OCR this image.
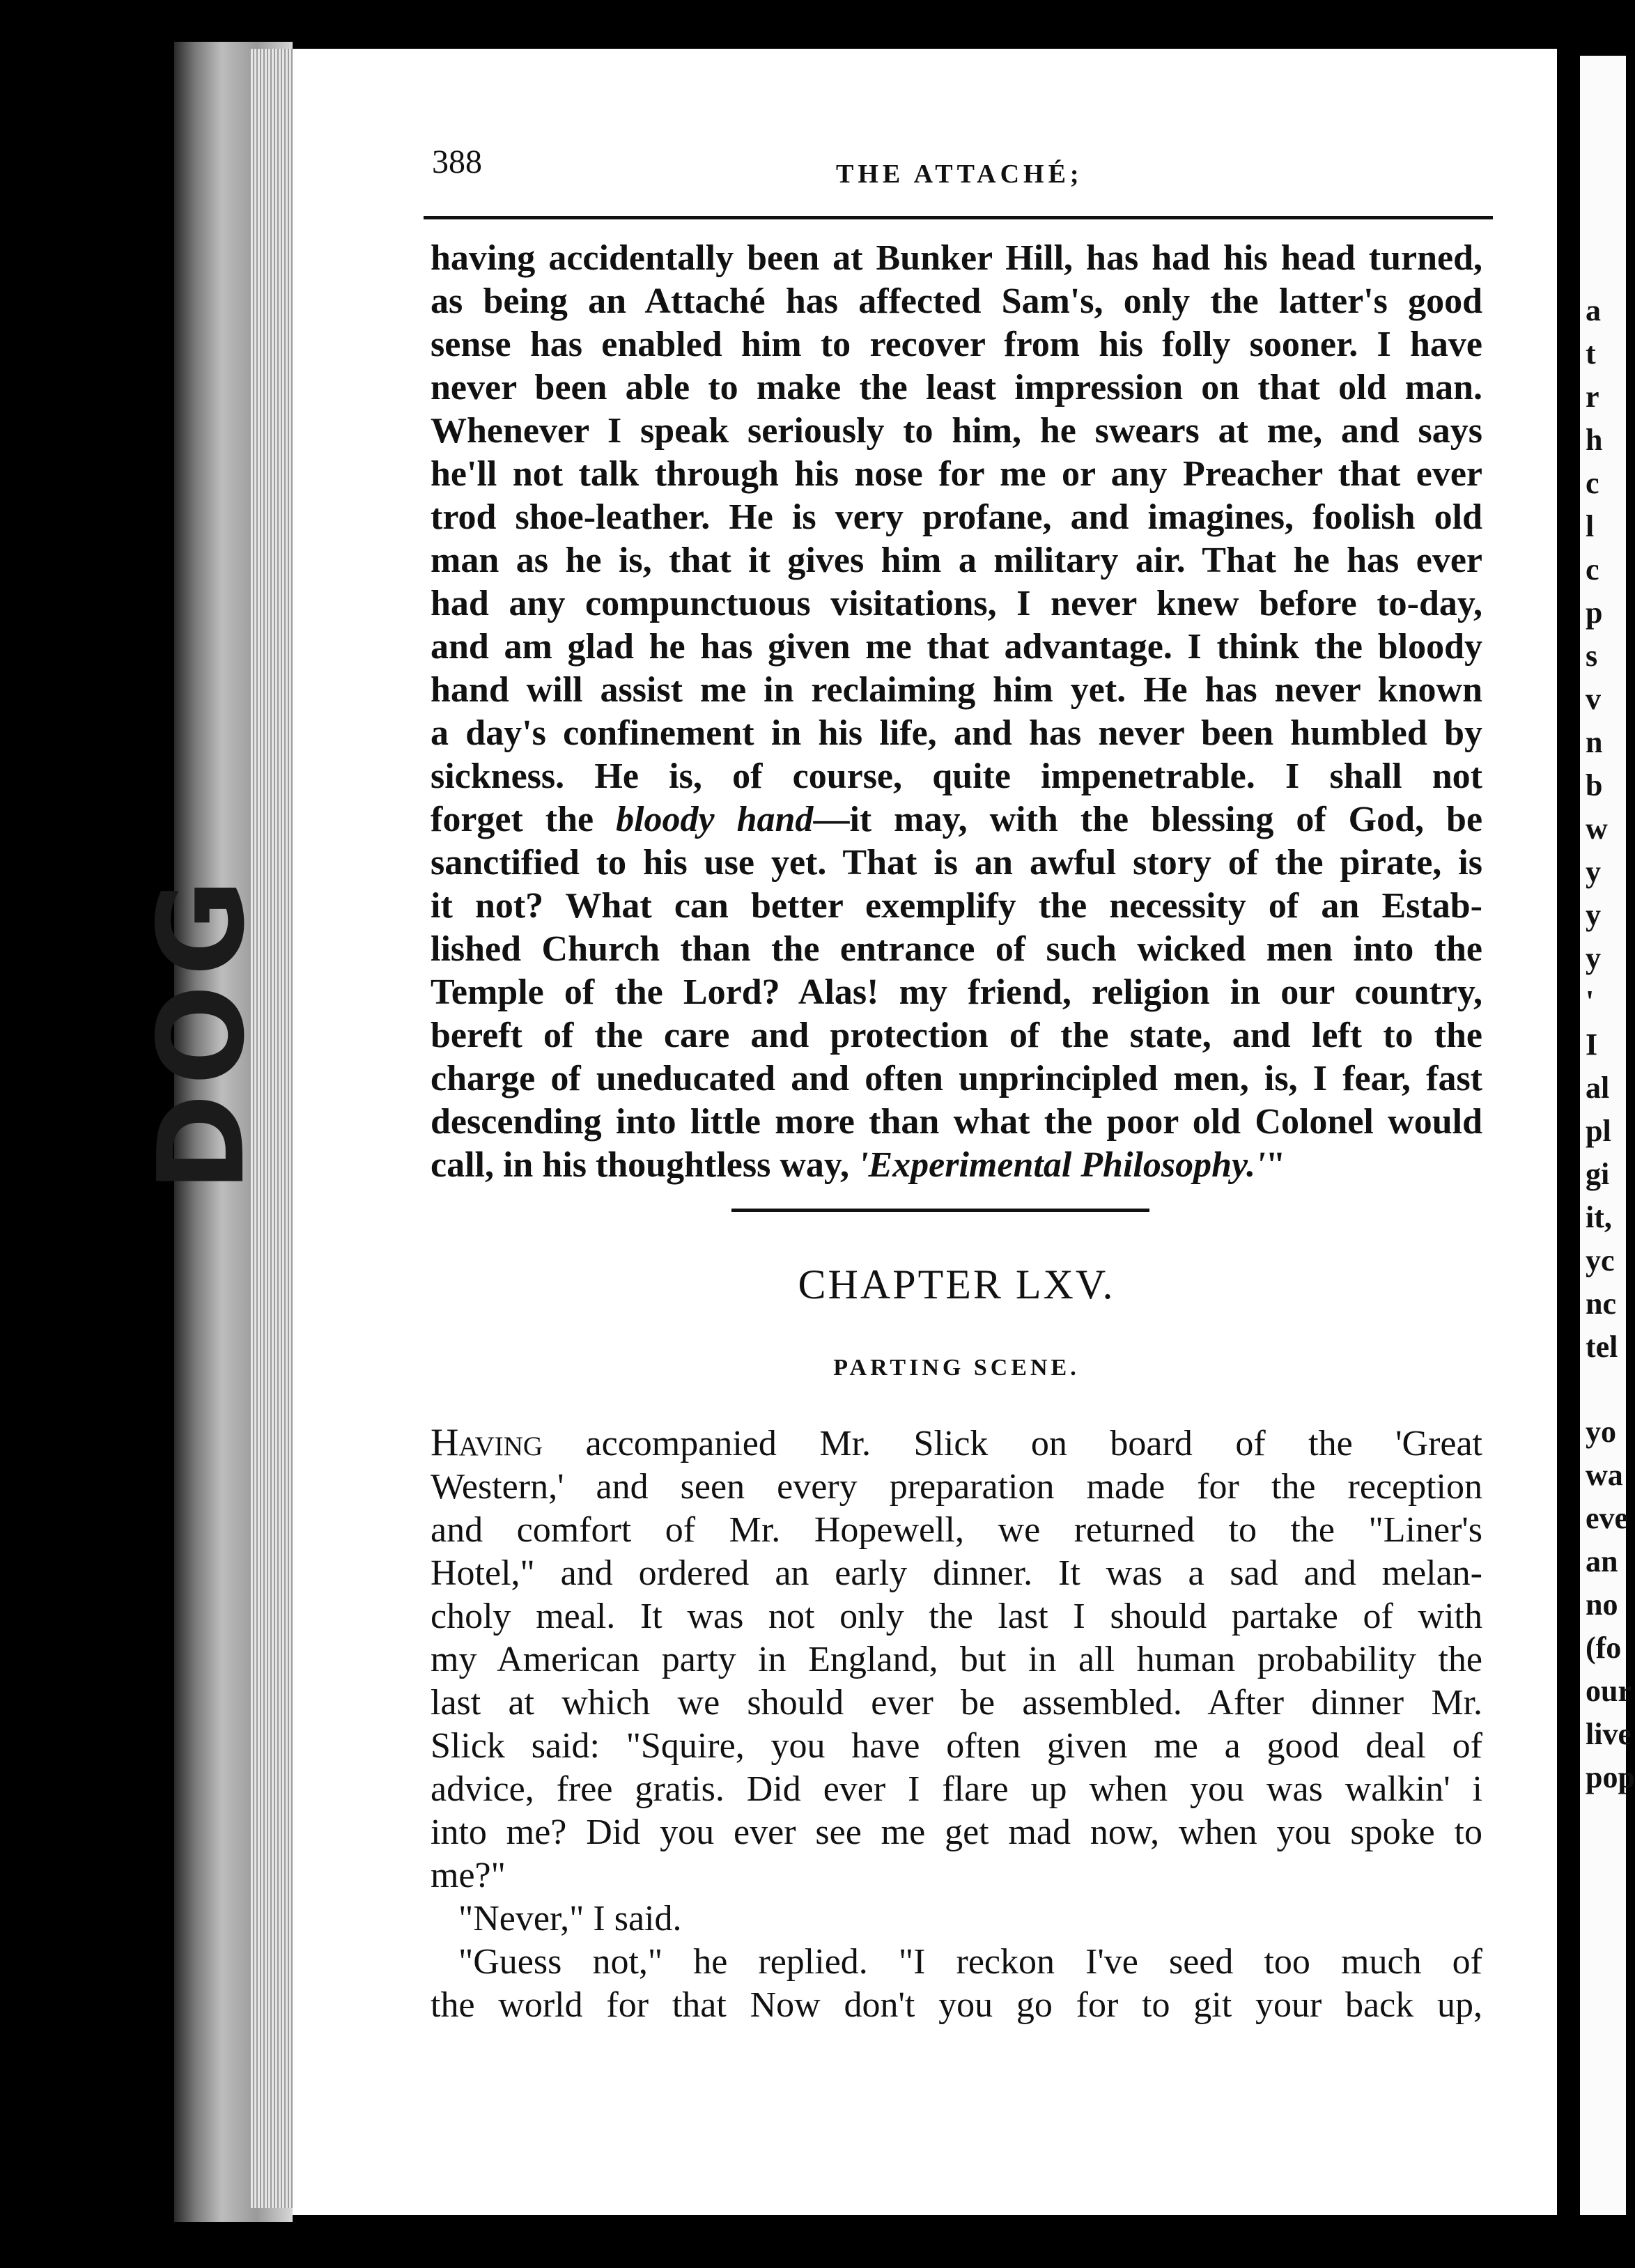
DOG
a
t
r
h
c
l
c
p
s
v
n
b
w
y
y
y
'
I
al
pl
gi
it,
yc
nc
tel
yo
wa
eve
an
no
(fo
our
live
pop
388	THE ATTACHÉ;
having accidentally been at Bunker Hill, has had his head turned,
as being an Attaché has affected Sam's, only the latter's good
sense has enabled him to recover from his folly sooner. I have
never been able to make the least impression on that old man.
Whenever I speak seriously to him, he swears at me, and says
he'll not talk through his nose for me or any Preacher that ever
trod shoe-leather. He is very profane, and imagines, foolish old
man as he is, that it gives him a military air. That he has ever
had any compunctuous visitations, I never knew before to-day,
and am glad he has given me that advantage. I think the bloody
hand will assist me in reclaiming him yet. He has never known
a day's confinement in his life, and has never been humbled by
sickness. He is, of course, quite impenetrable. I shall not
forget the bloody hand—it may, with the blessing of God, be
sanctified to his use yet. That is an awful story of the pirate, is
it not? What can better exemplify the necessity of an Estab-
lished Church than the entrance of such wicked men into the
Temple of the Lord? Alas! my friend, religion in our country,
bereft of the care and protection of the state, and left to the
charge of uneducated and often unprincipled men, is, I fear, fast
descending into little more than what the poor old Colonel would
call, in his thoughtless way, 'Experimental Philosophy.'"
CHAPTER LXV.
PARTING SCENE.
Having accompanied Mr. Slick on board of the 'Great
Western,' and seen every preparation made for the reception
and comfort of Mr. Hopewell, we returned to the "Liner's
Hotel," and ordered an early dinner. It was a sad and melan-
choly meal. It was not only the last I should partake of with
my American party in England, but in all human probability the
last at which we should ever be assembled. After dinner Mr.
Slick said: "Squire, you have often given me a good deal of
advice, free gratis. Did ever I flare up when you was walkin' i
into me? Did you ever see me get mad now, when you spoke to
me?"
"Never," I said.
"Guess not," he replied. "I reckon I've seed too much of
the world for that Now don't you go for to git your back up,
